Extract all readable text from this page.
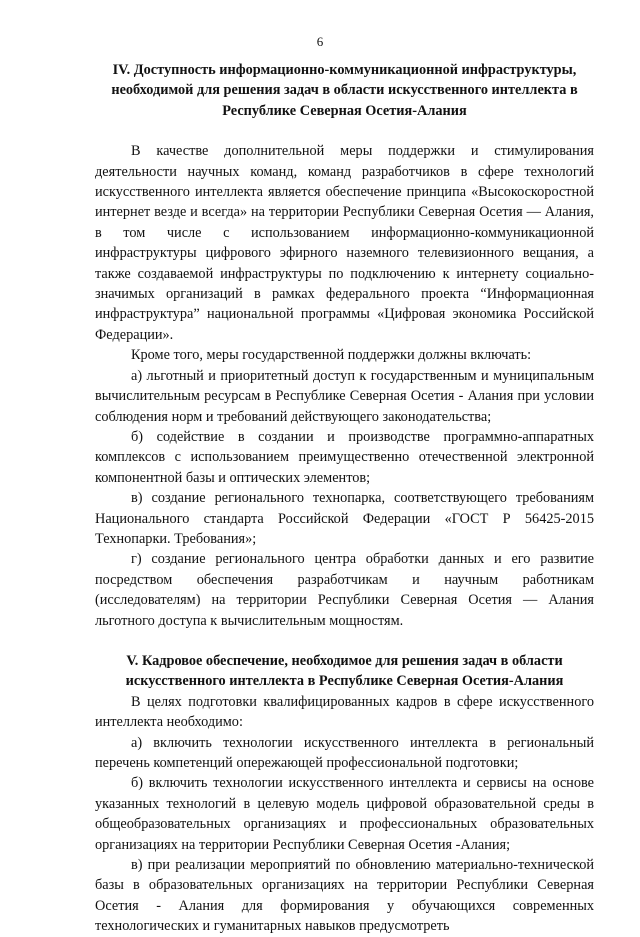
6

IV. Доступность информационно-коммуникационной инфраструктуры, необходимой для решения задач в области искусственного интеллекта в Республике Северная Осетия-Алания

В качестве дополнительной меры поддержки и стимулирования деятельности научных команд, команд разработчиков в сфере технологий искусственного интеллекта является обеспечение принципа «Высокоскоростной интернет везде и всегда» на территории Республики Северная Осетия — Алания, в том числе с использованием информационно-коммуникационной инфраструктуры цифрового эфирного наземного телевизионного вещания, а также создаваемой инфраструктуры по подключению к интернету социально-значимых организаций в рамках федерального проекта “Информационная инфраструктура” национальной программы «Цифровая экономика Российской Федерации».

Кроме того, меры государственной поддержки должны включать:

а) льготный и приоритетный доступ к государственным и муниципальным вычислительным ресурсам в Республике Северная Осетия - Алания при условии соблюдения норм и требований действующего законодательства;

б) содействие в создании и производстве программно-аппаратных комплексов с использованием преимущественно отечественной электронной компонентной базы и оптических элементов;

в) создание регионального технопарка, соответствующего требованиям Национального стандарта Российской Федерации «ГОСТ Р 56425-2015 Технопарки. Требования»;

г) создание регионального центра обработки данных и его развитие посредством обеспечения разработчикам и научным работникам (исследователям) на территории Республики Северная Осетия — Алания льготного доступа к вычислительным мощностям.

V. Кадровое обеспечение, необходимое для решения задач в области искусственного интеллекта в Республике Северная Осетия-Алания

В целях подготовки квалифицированных кадров в сфере искусственного интеллекта необходимо:

а) включить технологии искусственного интеллекта в региональный перечень компетенций опережающей профессиональной подготовки;

б) включить технологии искусственного интеллекта и сервисы на основе указанных технологий в целевую модель цифровой образовательной среды в общеобразовательных организациях и профессиональных образовательных организациях на территории Республики Северная Осетия -Алания;

в) при реализации мероприятий по обновлению материально-технической базы в образовательных организациях на территории Республики Северная Осетия - Алания для формирования у обучающихся современных технологических и гуманитарных навыков предусмотреть
